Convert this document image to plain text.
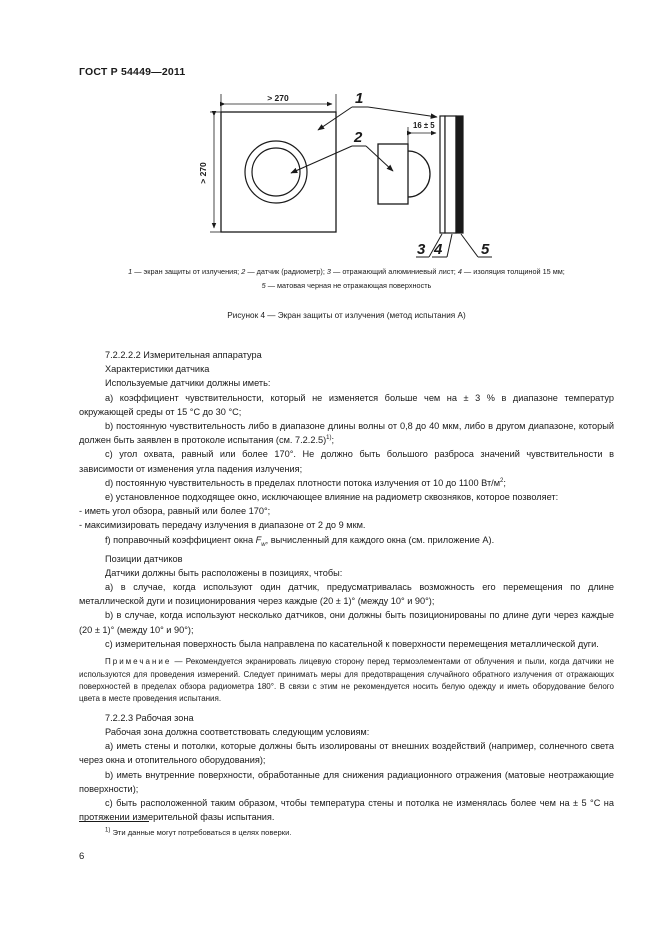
ГОСТ Р 54449—2011
> 270
> 270
16 ± 5
1
2
3 4	5
1 — экран защиты от излучения; 2 — датчик (радиометр); 3 — отражающий алюминиевый лист; 4 — изоляция толщиной 15 мм;
5 — матовая черная не отражающая поверхность
Рисунок 4 — Экран защиты от излучения (метод испытания А)

7.2.2.2.2 Измерительная аппаратура

Характеристики датчика

Используемые датчики должны иметь:

а) коэффициент чувствительности, который не изменяется больше чем на ± 3 % в диапазоне температур окружающей среды от 15 °С до 30 °С;

b) постоянную чувствительность либо в диапазоне длины волны от 0,8 до 40 мкм, либо в другом диапазоне, который должен быть заявлен в протоколе испытания (см. 7.2.2.5)$^{1)}$;

с) угол охвата, равный или более 170°. Не должно быть большого разброса значений чувствительности в зависимости от изменения угла падения излучения;

d) постоянную чувствительность в пределах плотности потока излучения от 10 до 1100 $Вт/м^2$;

е) установленное подходящее окно, исключающее влияние на радиометр сквозняков, которое позволяет:

- иметь угол обзора, равный или более 170°;

- максимизировать передачу излучения в диапазоне от 2 до 9 мкм.

f) поправочный коэффициент окна $F_w$, вычисленный для каждого окна (см. приложение А).

Позиции датчиков

Датчики должны быть расположены в позициях, чтобы:

а) в случае, когда используют один датчик, предусматривалась возможность его перемещения по длине металлической дуги и позиционирования через каждые (20 ± 1)° (между 10° и 90°);

b) в случае, когда используют несколько датчиков, они должны быть позиционированы по длине дуги через каждые (20 ± 1)° (между 10° и 90°);

с) измерительная поверхность была направлена по касательной к поверхности перемещения металлической дуги.

Примечание — Рекомендуется экранировать лицевую сторону перед термоэлементами от облучения и пыли, когда датчики не используются для проведения измерений. Следует принимать меры для предотвращения случайного обратного излучения от отражающих поверхностей в пределах обзора радиометра 180°. В связи с этим не рекомендуется носить белую одежду и иметь оборудование белого цвета в месте проведения испытания.

7.2.2.3 Рабочая зона

Рабочая зона должна соответствовать следующим условиям:

а) иметь стены и потолки, которые должны быть изолированы от внешних воздействий (например, солнечного света через окна и отопительного оборудования);

b) иметь внутренние поверхности, обработанные для снижения радиационного отражения (матовые неотражающие поверхности);

с) быть расположенной таким образом, чтобы температура стены и потолка не изменялась более чем на ± 5 °С на протяжении измерительной фазы испытания.

$^{1)}$ Эти данные могут потребоваться в целях поверки.
6
